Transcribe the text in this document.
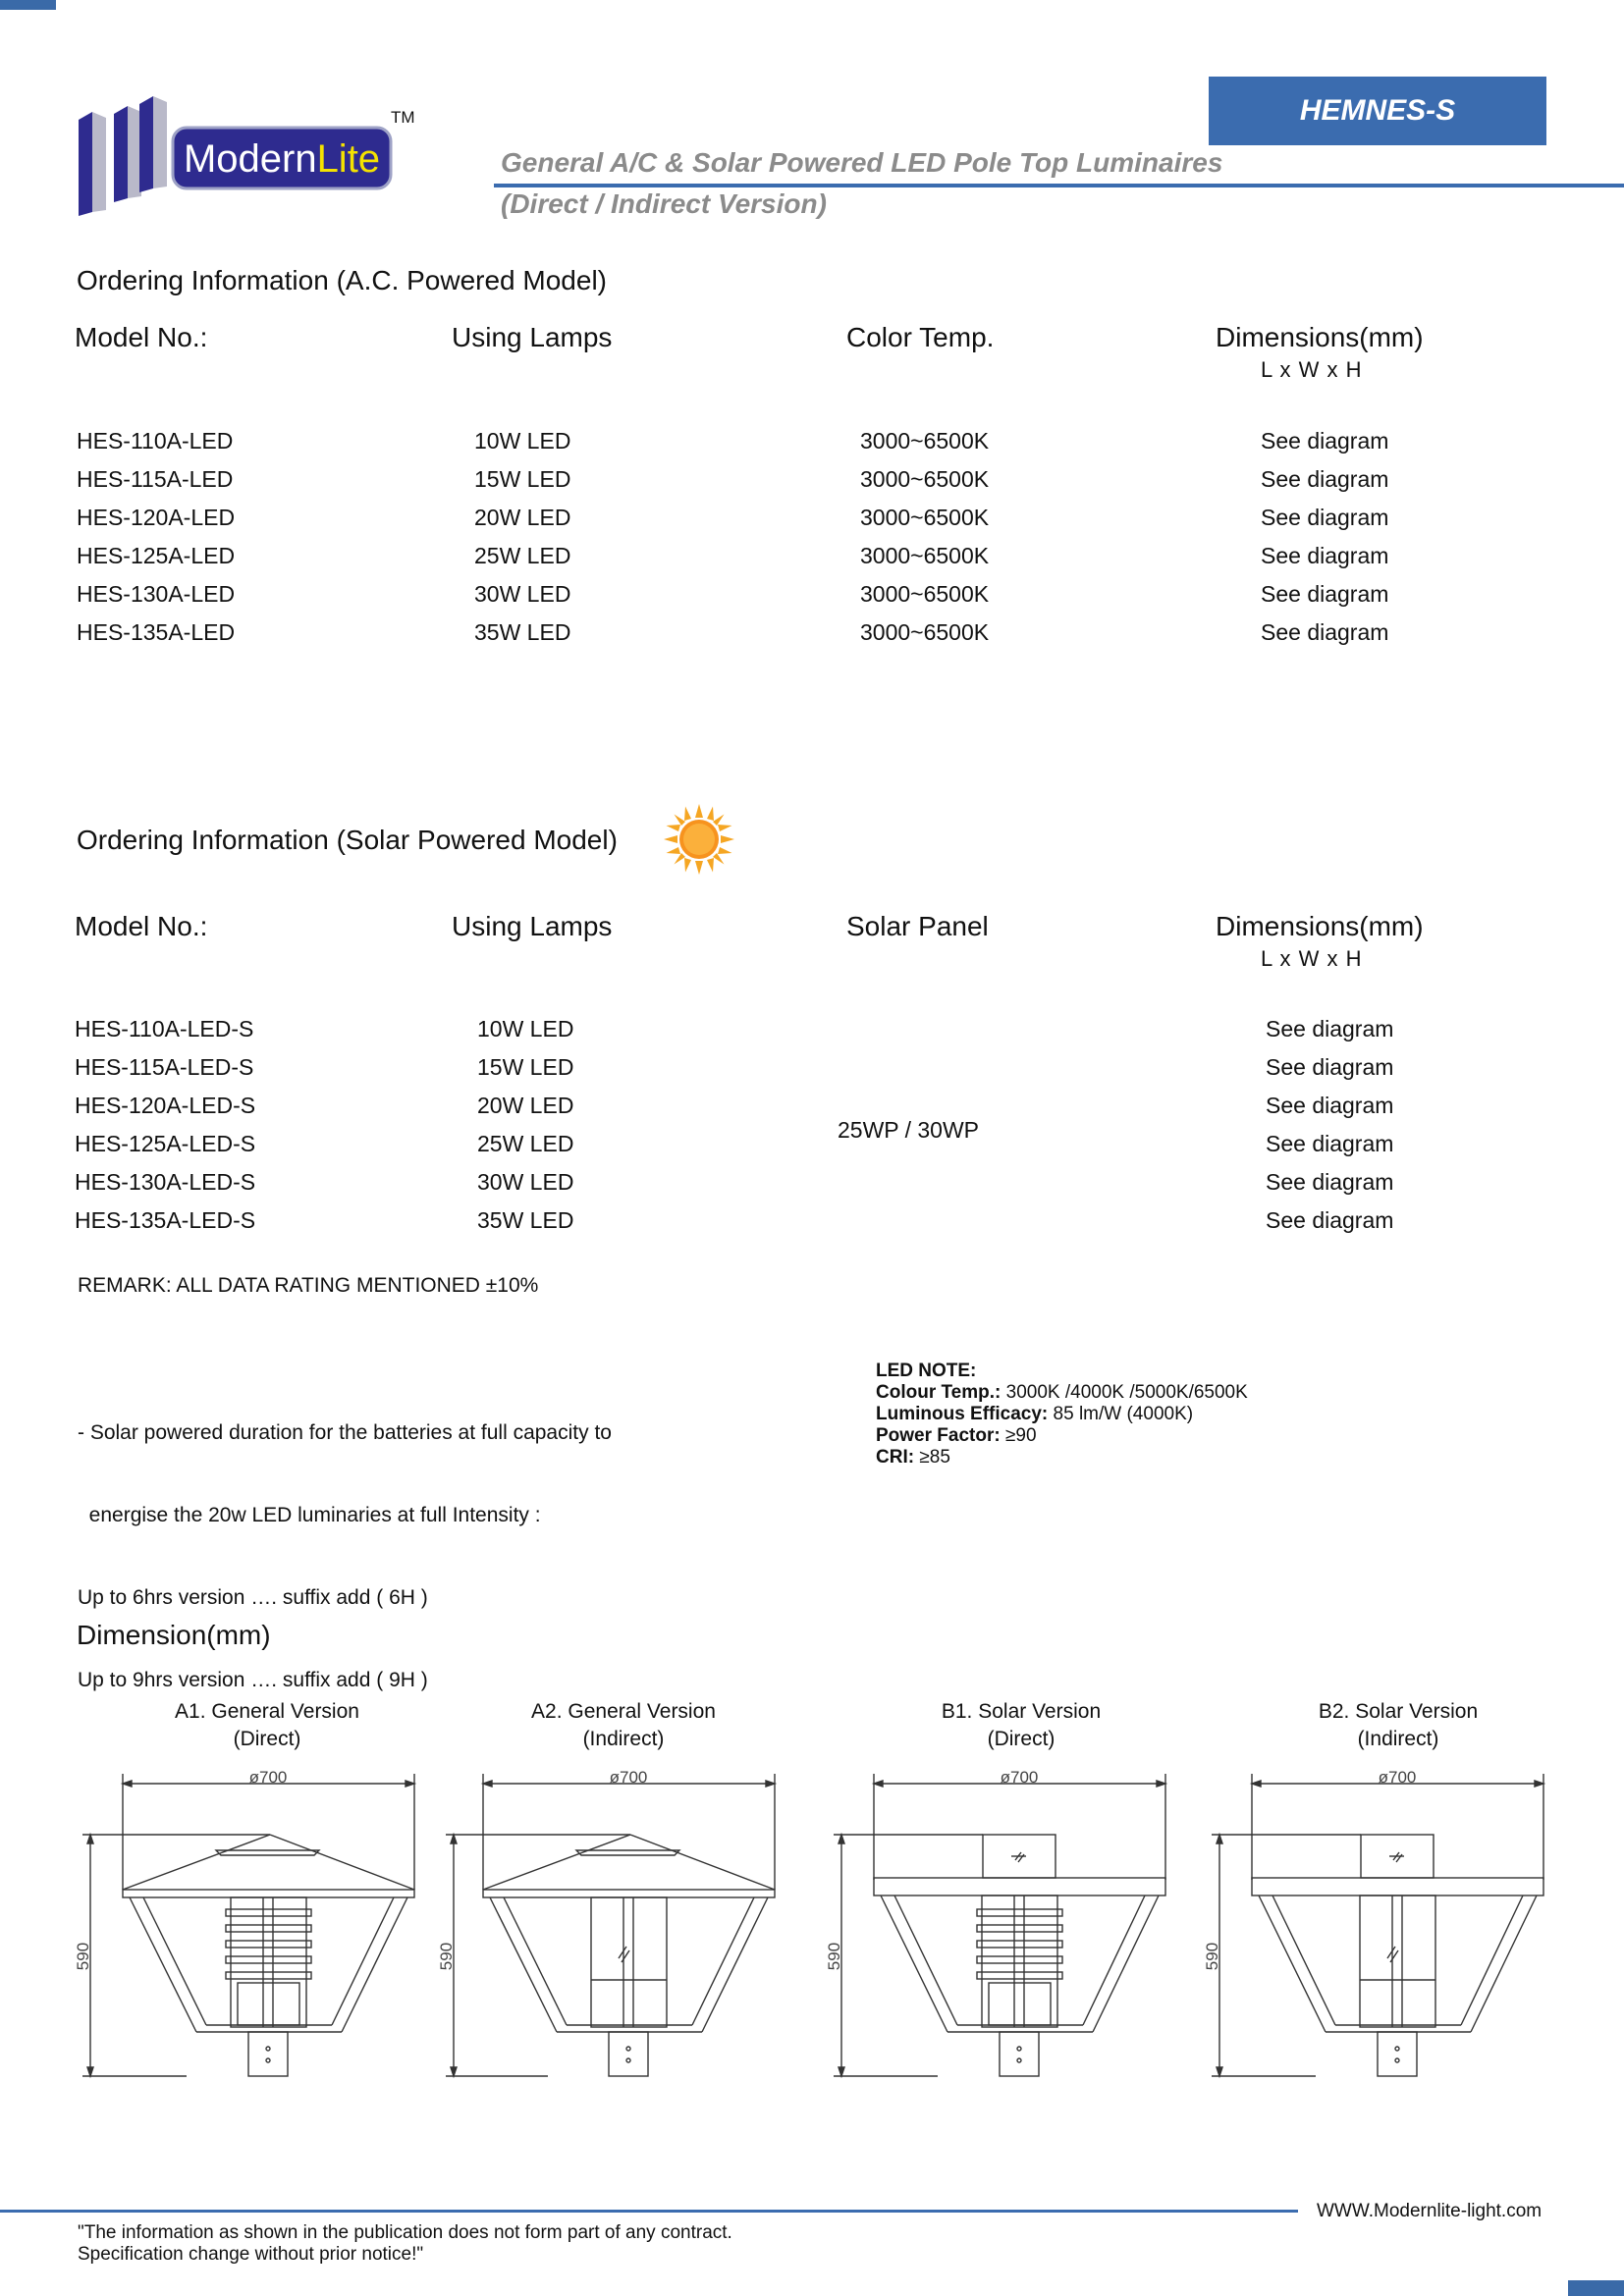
Modern Lite
TM	HEMNES-S
General A/C & Solar Powered LED Pole Top Luminaires
(Direct / Indirect Version)
Ordering Information (A.C. Powered Model)
Model No.:	Using Lamps	Color Temp.	Dimensions(mm)
L x W x H
HES-110A-LED	10W LED	3000~6500K	See diagram
HES-115A-LED	15W LED	3000~6500K	See diagram
HES-120A-LED	20W LED	3000~6500K	See diagram
HES-125A-LED	25W LED	3000~6500K	See diagram
HES-130A-LED	30W LED	3000~6500K	See diagram
HES-135A-LED	35W LED	3000~6500K	See diagram
Ordering Information (Solar Powered Model)
Model No.:	Using Lamps	Solar Panel	Dimensions(mm)
L x W x H
25WP / 30WP
HES-110A-LED-S	10W LED	See diagram
HES-115A-LED-S	15W LED	See diagram
HES-120A-LED-S	20W LED	See diagram
HES-125A-LED-S	25W LED	See diagram
HES-130A-LED-S	30W LED	See diagram
HES-135A-LED-S	35W LED	See diagram
REMARK: ALL DATA RATING MENTIONED ±10%

- Solar powered duration for the batteries at full capacity to

energise the 20w LED luminaries at full Intensity :

Up to 6hrs version …. suffix add ( 6H )

Up to 9hrs version …. suffix add ( 9H )

LED NOTE:
Colour Temp.: 3000K /4000K /5000K/6500K
Luminous Efficacy: 85 lm/W (4000K)
Power Factor: ≥90
CRI: ≥85
Dimension(mm)
A1. General Version
(Direct)
A2. General Version
(Indirect)
B1. Solar Version
(Direct)
B2. Solar Version
(Indirect)
ø700
590
ø700
590
ø700
590
ø700
590
WWW.Modernlite-light.com
"The information as shown in the publication does not form part of any contract.
Specification change without prior notice!"
